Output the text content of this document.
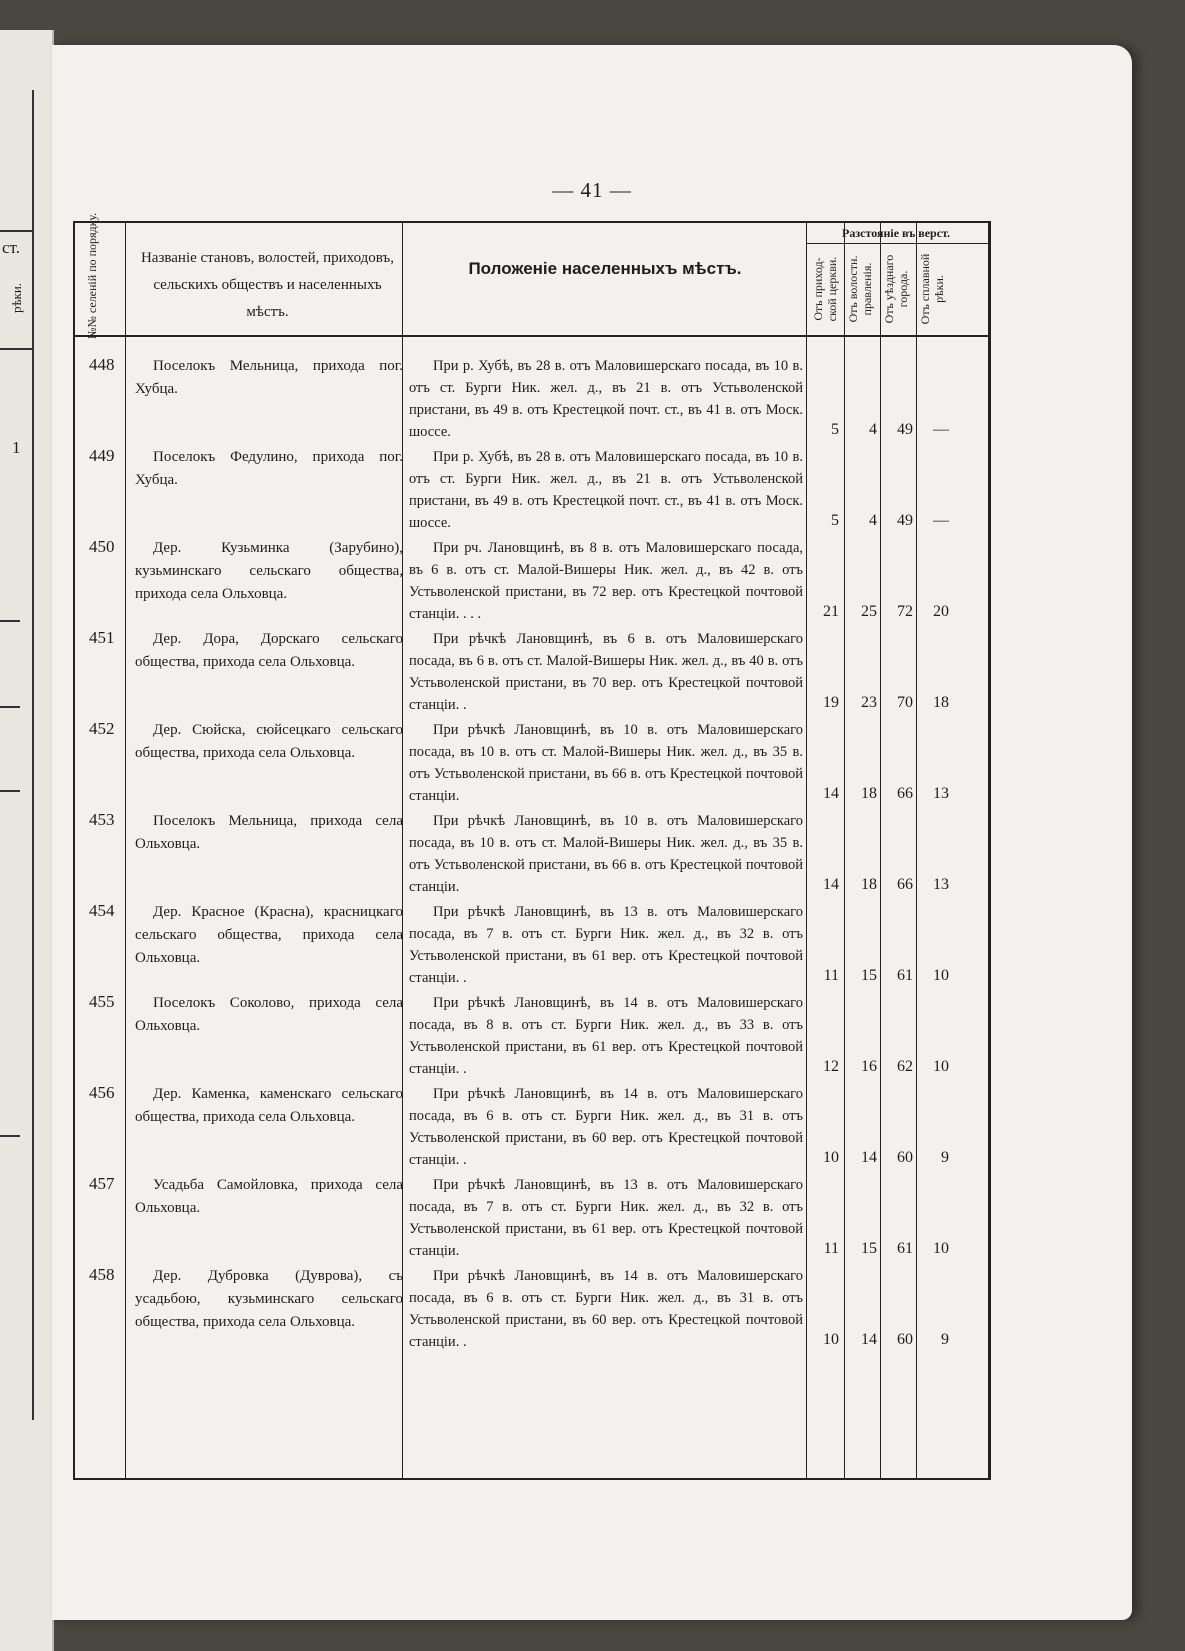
ст.
рѣки.
1
— 41 —
№№ селеній по порядку.	Названіе становъ, волостей, приходовъ, сельскихъ обществъ и населенныхъ мѣстъ.
Положеніе населенныхъ мѣстъ.
Разстояніе въ верст.
Отъ приход- ской церкви. Отъ волостн. правленія. Отъ уѣзднаго города. Отъ сплавной рѣки.
448	Поселокъ Мельница, прихода пог. Хубца.
При р. Хубѣ, въ 28 в. отъ Маловишерскаго посада, въ 10 в. отъ ст. Бурги Ник. жел. д., въ 21 в. отъ Устьволенской пристани, въ 49 в. отъ Крестецкой почт. ст., въ 41 в. отъ Моск. шоссе.	5	4	49	—
449	Поселокъ Федулино, прихода пог. Хубца.
При р. Хубѣ, въ 28 в. отъ Маловишерскаго посада, въ 10 в. отъ ст. Бурги Ник. жел. д., въ 21 в. отъ Устьволенской пристани, въ 49 в. отъ Крестецкой почт. ст., въ 41 в. отъ Моск. шоссе.	5	4	49	—
450	Дер. Кузьминка (Зарубино), кузьминскаго сельскаго общества, прихода села Ольховца.
При рч. Лановщинѣ, въ 8 в. отъ Маловишерскаго посада, въ 6 в. отъ ст. Малой-Вишеры Ник. жел. д., въ 42 в. отъ Устьволенской пристани, въ 72 вер. отъ Крестецкой почтовой станціи. . . .	21	25	72	20
451	Дер. Дора, Дорскаго сельскаго общества, прихода села Ольховца.
При рѣчкѣ Лановщинѣ, въ 6 в. отъ Маловишерскаго посада, въ 6 в. отъ ст. Малой-Вишеры Ник. жел. д., въ 40 в. отъ Устьволенской пристани, въ 70 вер. отъ Крестецкой почтовой станціи. .	19	23	70	18
452	Дер. Сюйска, сюйсецкаго сельскаго общества, прихода села Ольховца.
При рѣчкѣ Лановщинѣ, въ 10 в. отъ Маловишерскаго посада, въ 10 в. отъ ст. Малой-Вишеры Ник. жел. д., въ 35 в. отъ Устьволенской пристани, въ 66 в. отъ Крестецкой почтовой станціи.	14	18	66	13
453	Поселокъ Мельница, прихода села Ольховца.
При рѣчкѣ Лановщинѣ, въ 10 в. отъ Маловишерскаго посада, въ 10 в. отъ ст. Малой-Вишеры Ник. жел. д., въ 35 в. отъ Устьволенской пристани, въ 66 в. отъ Крестецкой почтовой станціи.	14	18	66	13
454	Дер. Красное (Красна), красницкаго сельскаго общества, прихода села Ольховца.
При рѣчкѣ Лановщинѣ, въ 13 в. отъ Маловишерскаго посада, въ 7 в. отъ ст. Бурги Ник. жел. д., въ 32 в. отъ Устьволенской пристани, въ 61 вер. отъ Крестецкой почтовой станціи. .	11	15	61	10
455	Поселокъ Соколово, прихода села Ольховца.
При рѣчкѣ Лановщинѣ, въ 14 в. отъ Маловишерскаго посада, въ 8 в. отъ ст. Бурги Ник. жел. д., въ 33 в. отъ Устьволенской пристани, въ 61 вер. отъ Крестецкой почтовой станціи. .	12	16	62	10
456	Дер. Каменка, каменскаго сельскаго общества, прихода села Ольховца.
При рѣчкѣ Лановщинѣ, въ 14 в. отъ Маловишерскаго посада, въ 6 в. отъ ст. Бурги Ник. жел. д., въ 31 в. отъ Устьволенской пристани, въ 60 вер. отъ Крестецкой почтовой станціи. .	10	14	60	9
457	Усадьба Самойловка, прихода села Ольховца.
При рѣчкѣ Лановщинѣ, въ 13 в. отъ Маловишерскаго посада, въ 7 в. отъ ст. Бурги Ник. жел. д., въ 32 в. отъ Устьволенской пристани, въ 61 вер. отъ Крестецкой почтовой станціи.	11	15	61	10
458	Дер. Дубровка (Дуврова), съ усадьбою, кузьминскаго сельскаго общества, прихода села Ольховца.
При рѣчкѣ Лановщинѣ, въ 14 в. отъ Маловишерскаго посада, въ 6 в. отъ ст. Бурги Ник. жел. д., въ 31 в. отъ Устьволенской пристани, въ 60 вер. отъ Крестецкой почтовой станціи. .	10	14	60	9
